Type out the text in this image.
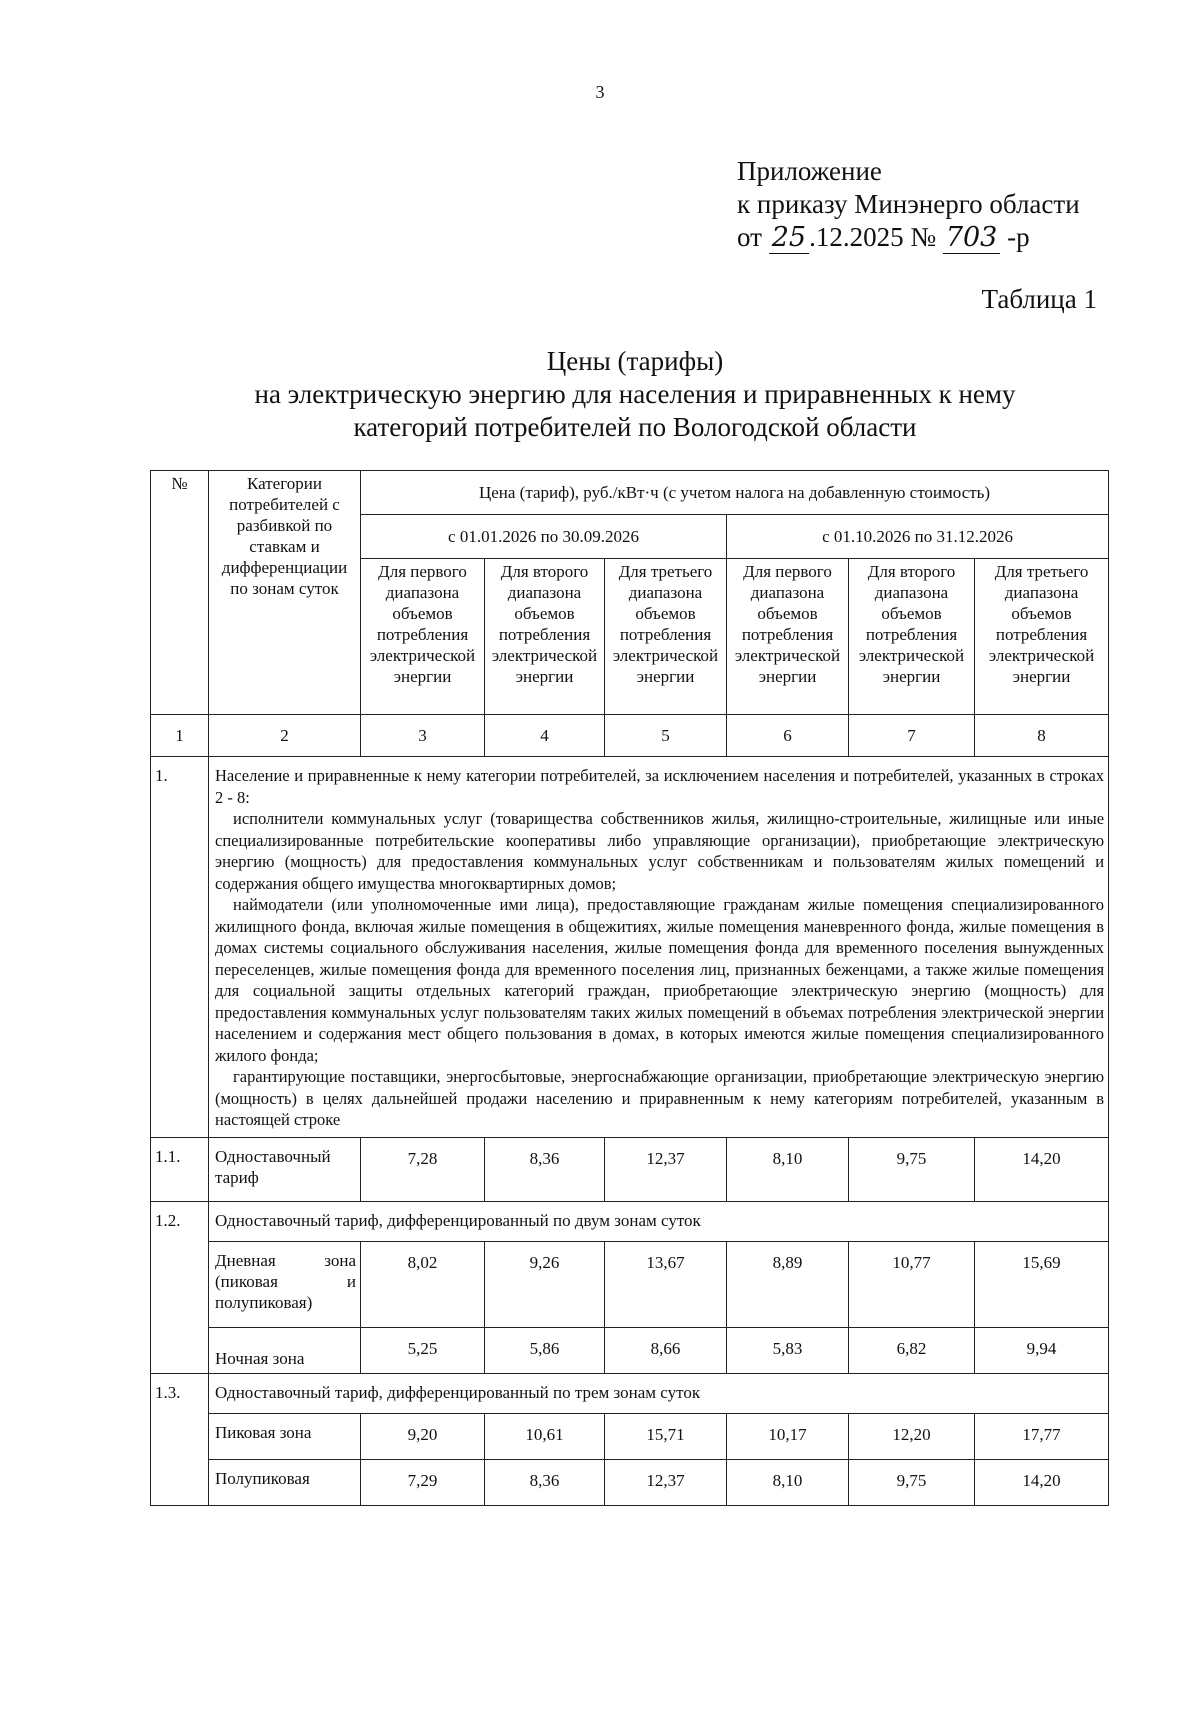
3
Приложение
к приказу Минэнерго области
от 25 .12.2025 № 703 -р
Таблица 1
Цены (тарифы)
на электрическую энергию для населения и приравненных к нему
категорий потребителей по Вологодской области
№	Категории потребителей с разбивкой по ставкам и дифференциации по зонам суток	Цена (тариф), руб./кВт·ч (с учетом налога на добавленную стоимость)					
		с 01.01.2026 по 30.09.2026			с 01.10.2026 по 31.12.2026		
		Для первого диапазона объемов потребления электрической энергии	Для второго диапазона объемов потребления электрической энергии	Для третьего диапазона объемов потребления электрической энергии	Для первого диапазона объемов потребления электрической энергии	Для второго диапазона объемов потребления электрической энергии	Для третьего диапазона объемов потребления электрической энергии
1	2	3	4	5	6	7	8
1.	Население и приравненные к нему категории потребителей, за исключением населения и потребителей, указанных в строках 2 - 8:

исполнители коммунальных услуг (товарищества собственников жилья, жилищно-строительные, жилищные или иные специализированные потребительские кооперативы либо управляющие организации), приобретающие электрическую энергию (мощность) для предоставления коммунальных услуг собственникам и пользователям жилых помещений и содержания общего имущества многоквартирных домов;

наймодатели (или уполномоченные ими лица), предоставляющие гражданам жилые помещения специализированного жилищного фонда, включая жилые помещения в общежитиях, жилые помещения маневренного фонда, жилые помещения в домах системы социального обслуживания населения, жилые помещения фонда для временного поселения вынужденных переселенцев, жилые помещения фонда для временного поселения лиц, признанных беженцами, а также жилые помещения для социальной защиты отдельных категорий граждан, приобретающие электрическую энергию (мощность) для предоставления коммунальных услуг пользователям таких жилых помещений в объемах потребления электрической энергии населением и содержания мест общего пользования в домах, в которых имеются жилые помещения специализированного жилого фонда;

гарантирующие поставщики, энергосбытовые, энергоснабжающие организации, приобретающие электрическую энергию (мощность) в целях дальнейшей продажи населению и приравненным к нему категориям потребителей, указанным в настоящей строке						

1.1.	Одноставочный тариф	7,28	8,36	12,37	8,10	9,75	14,20
1.2.	Одноставочный тариф, дифференцированный по двум зонам суток						
	Дневная зона (пиковая и полупиковая)	8,02	9,26	13,67	8,89	10,77	15,69
	Ночная зона	5,25	5,86	8,66	5,83	6,82	9,94
1.3.	Одноставочный тариф, дифференцированный по трем зонам суток						
	Пиковая зона	9,20	10,61	15,71	10,17	12,20	17,77
	Полупиковая	7,29	8,36	12,37	8,10	9,75	14,20
